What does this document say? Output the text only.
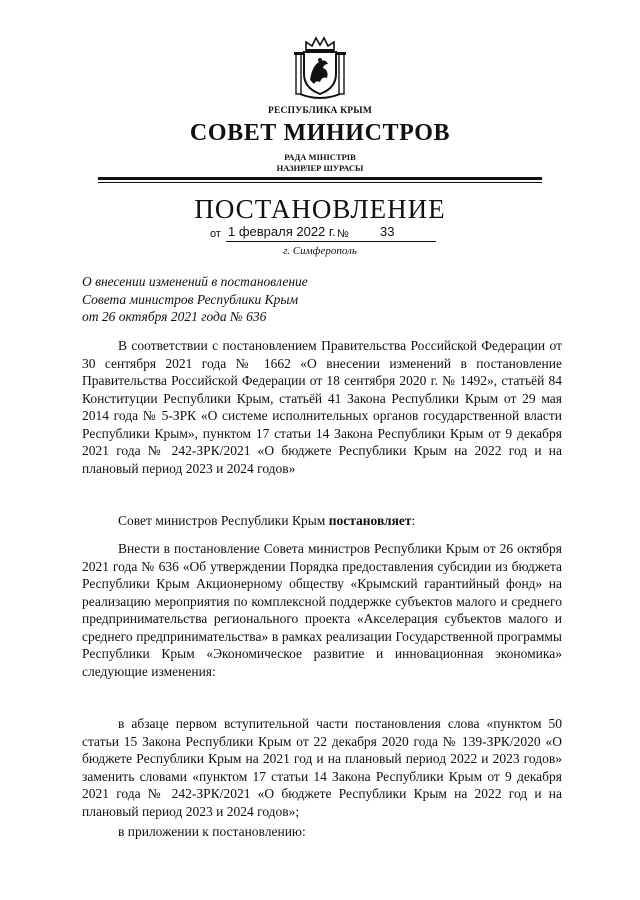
РЕСПУБЛИКА КРЫМ
СОВЕТ МИНИСТРОВ
РАДА МІНІСТРІВ
НАЗИРЛЕР ШУРАСЫ
ПОСТАНОВЛЕНИЕ
от 1 февраля 2022 г. № 33
г. Симферополь
О внесении изменений в постановление
Совета министров Республики Крым
от 26 октября 2021 года № 636

В соответствии с постановлением Правительства Российской Федерации от 30 сентября 2021 года № 1662 «О внесении изменений в постановление Правительства Российской Федерации от 18 сентября 2020 г. № 1492», статьёй 84 Конституции Республики Крым, статьёй 41 Закона Республики Крым от 29 мая 2014 года № 5-ЗРК «О системе исполнительных органов государственной власти Республики Крым», пунктом 17 статьи 14 Закона Республики Крым от 9 декабря 2021 года № 242-ЗРК/2021 «О бюджете Республики Крым на 2022 год и на плановый период 2023 и 2024 годов»

Совет министров Республики Крым постановляет:

Внести в постановление Совета министров Республики Крым от 26 октября 2021 года № 636 «Об утверждении Порядка предоставления субсидии из бюджета Республики Крым Акционерному обществу «Крымский гарантийный фонд» на реализацию мероприятия по комплексной поддержке субъектов малого и среднего предпринимательства регионального проекта «Акселерация субъектов малого и среднего предпринимательства» в рамках реализации Государственной программы Республики Крым «Экономическое развитие и инновационная экономика» следующие изменения:

в абзаце первом вступительной части постановления слова «пунктом 50 статьи 15 Закона Республики Крым от 22 декабря 2020 года № 139-ЗРК/2020 «О бюджете Республики Крым на 2021 год и на плановый период 2022 и 2023 годов» заменить словами «пунктом 17 статьи 14 Закона Республики Крым от 9 декабря 2021 года № 242-ЗРК/2021 «О бюджете Республики Крым на 2022 год и на плановый период 2023 и 2024 годов»;

в приложении к постановлению:
